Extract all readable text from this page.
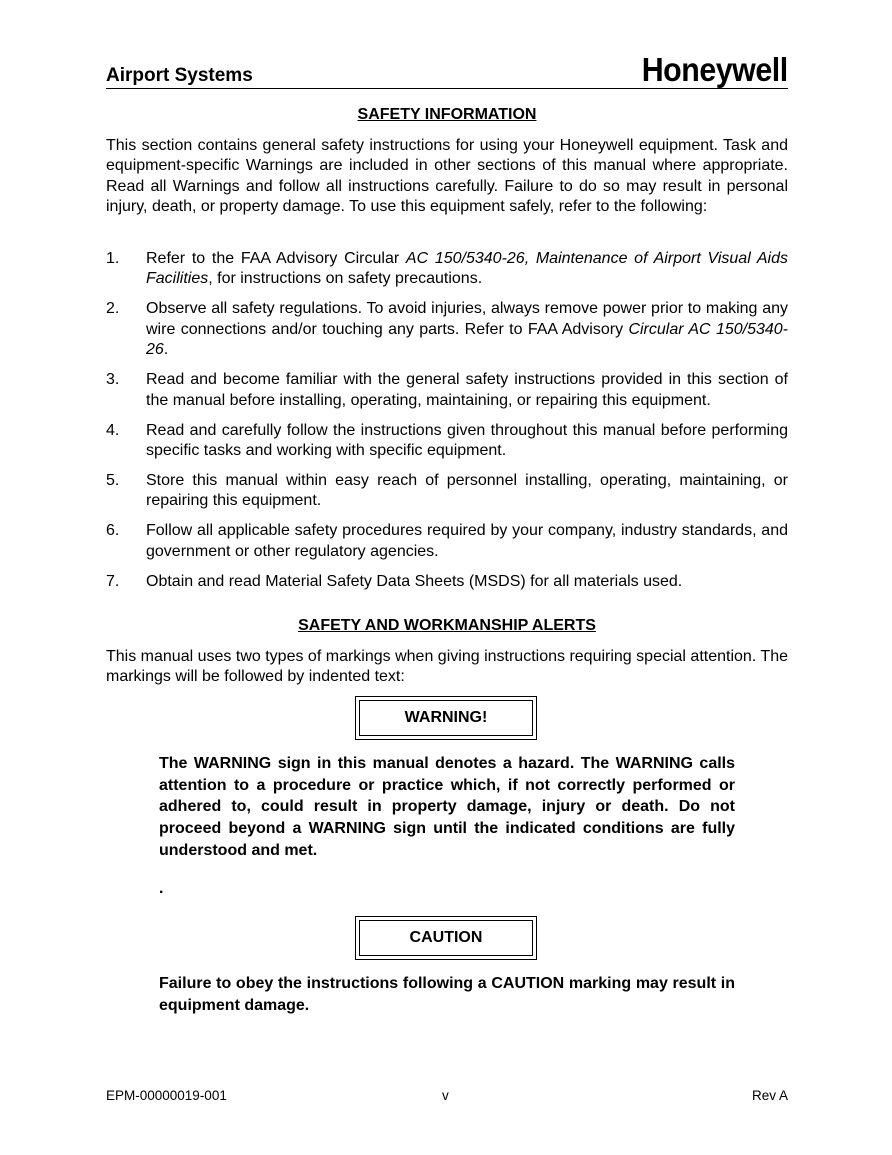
Airport Systems	Honeywell
SAFETY INFORMATION
This section contains general safety instructions for using your Honeywell equipment. Task and equipment-specific Warnings are included in other sections of this manual where appropriate. Read all Warnings and follow all instructions carefully. Failure to do so may result in personal injury, death, or property damage. To use this equipment safely, refer to the following:
1. Refer to the FAA Advisory Circular AC 150/5340-26, Maintenance of Airport Visual Aids Facilities, for instructions on safety precautions.
2. Observe all safety regulations. To avoid injuries, always remove power prior to making any wire connections and/or touching any parts. Refer to FAA Advisory Circular AC 150/5340-26.
3. Read and become familiar with the general safety instructions provided in this section of the manual before installing, operating, maintaining, or repairing this equipment.
4. Read and carefully follow the instructions given throughout this manual before performing specific tasks and working with specific equipment.
5. Store this manual within easy reach of personnel installing, operating, maintaining, or repairing this equipment.
6. Follow all applicable safety procedures required by your company, industry standards, and government or other regulatory agencies.
7. Obtain and read Material Safety Data Sheets (MSDS) for all materials used.
SAFETY AND WORKMANSHIP ALERTS
This manual uses two types of markings when giving instructions requiring special attention. The markings will be followed by indented text:
WARNING!
The WARNING sign in this manual denotes a hazard. The WARNING calls attention to a procedure or practice which, if not correctly performed or adhered to, could result in property damage, injury or death. Do not proceed beyond a WARNING sign until the indicated conditions are fully understood and met.
.
CAUTION
Failure to obey the instructions following a CAUTION marking may result in equipment damage.
EPM-00000019-001	v	Rev A
